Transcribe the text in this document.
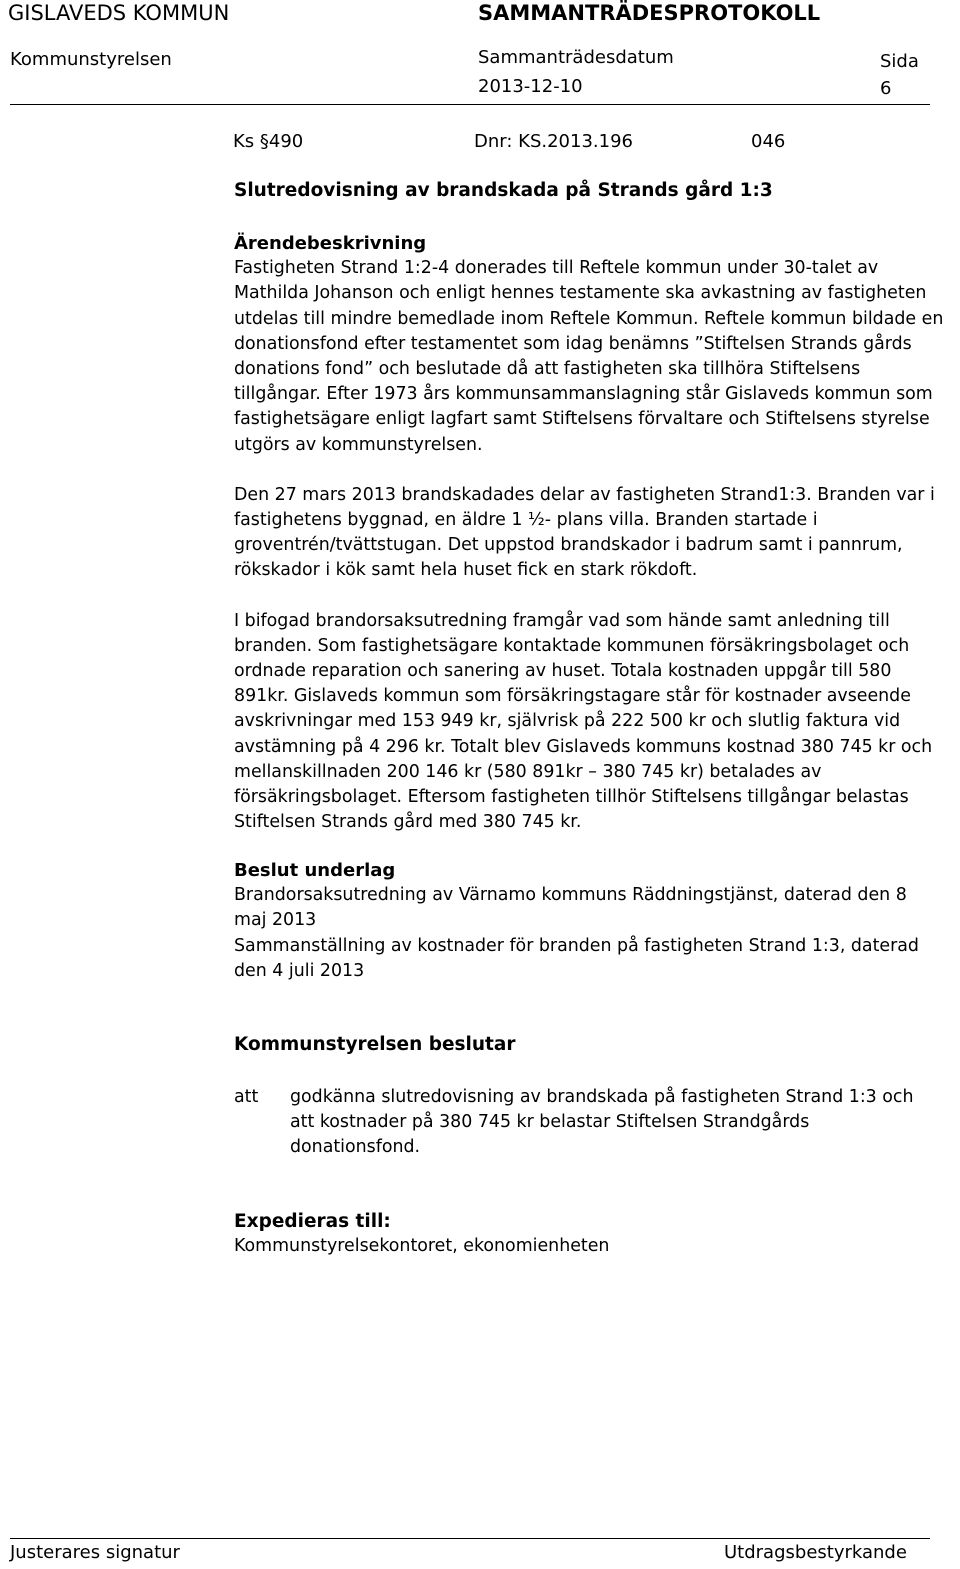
GISLAVEDS KOMMUN	SAMMANTRÄDESPROTOKOLL
Kommunstyrelsen	Sammanträdesdatum	Sida
2013-12-10	6
Ks §490	Dnr: KS.2013.196	046
Slutredovisning av brandskada på Strands gård 1:3
Ärendebeskrivning

Fastigheten Strand 1:2-4 donerades till Reftele kommun under 30-talet av Mathilda Johanson och enligt hennes testamente ska avkastning av fastigheten utdelas till mindre bemedlade inom Reftele Kommun. Reftele kommun bildade en donationsfond efter testamentet som idag benämns ”Stiftelsen Strands gårds donations fond” och beslutade då att fastigheten ska tillhöra Stiftelsens tillgångar. Efter 1973 års kommunsammanslagning står Gislaveds kommun som fastighetsägare enligt lagfart samt Stiftelsens förvaltare och Stiftelsens styrelse utgörs av kommunstyrelsen.

Den 27 mars 2013 brandskadades delar av fastigheten Strand1:3. Branden var i fastighetens byggnad, en äldre 1 ½- plans villa. Branden startade i groventrén/tvättstugan. Det uppstod brandskador i badrum samt i pannrum, rökskador i kök samt hela huset fick en stark rökdoft.

I bifogad brandorsaksutredning framgår vad som hände samt anledning till branden. Som fastighetsägare kontaktade kommunen försäkringsbolaget och ordnade reparation och sanering av huset. Totala kostnaden uppgår till 580 891kr. Gislaveds kommun som försäkringstagare står för kostnader avseende avskrivningar med 153 949 kr, självrisk på 222 500 kr och slutlig faktura vid avstämning på 4 296 kr. Totalt blev Gislaveds kommuns kostnad 380 745 kr och mellanskillnaden 200 146 kr (580 891kr – 380 745 kr) betalades av försäkringsbolaget. Eftersom fastigheten tillhör Stiftelsens tillgångar belastas Stiftelsen Strands gård med 380 745 kr.

Beslut underlag

Brandorsaksutredning av Värnamo kommuns Räddningstjänst, daterad den 8 maj 2013

Sammanställning av kostnader för branden på fastigheten Strand 1:3, daterad den 4 juli 2013

Kommunstyrelsen beslutar
att godkänna slutredovisning av brandskada på fastigheten Strand 1:3 och att kostnader på 380 745 kr belastar Stiftelsen Strandgårds donationsfond.
Expedieras till:
Kommunstyrelsekontoret, ekonomienheten
Justerares signatur	Utdragsbestyrkande
